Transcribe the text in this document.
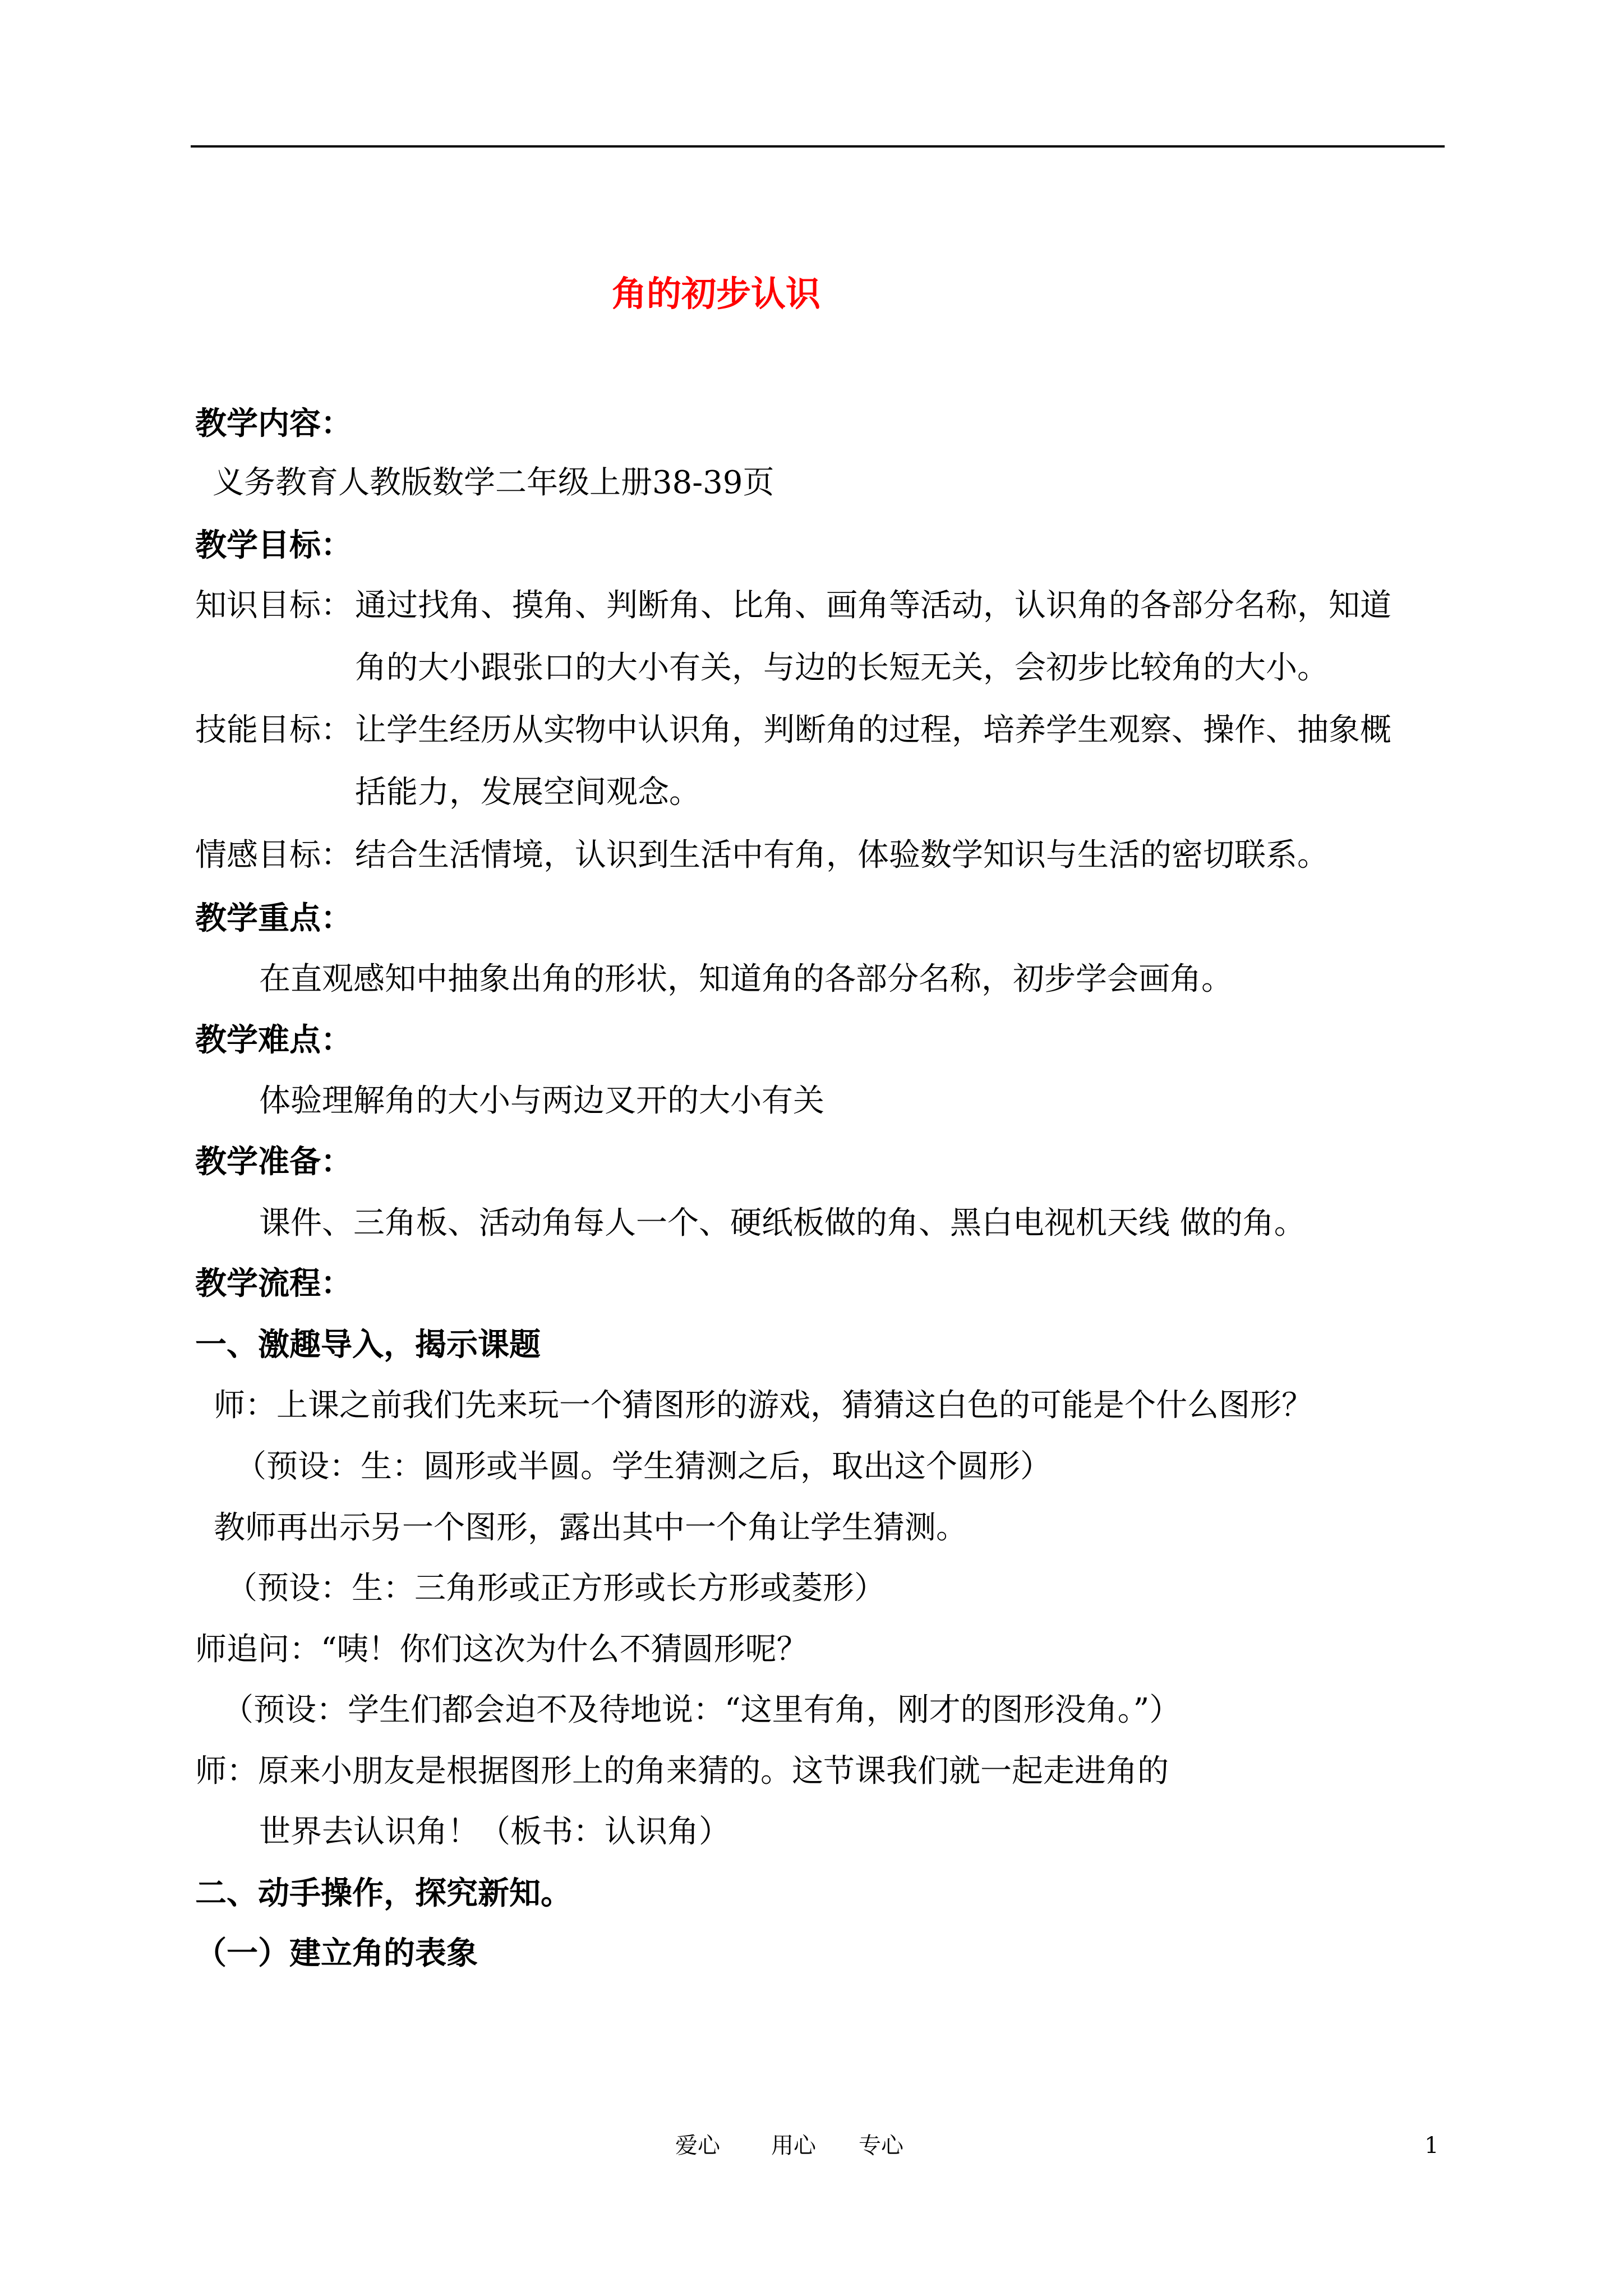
角的初步认识
教学内容：
义务教育人教版数学二年级上册38-39页
教学目标：
知识目标： 通过找角、摸角、判断角、比角、画角等活动，认识角的各部分名称，知道
角的大小跟张口的大小有关，与边的长短无关，会初步比较角的大小。
技能目标： 让学生经历从实物中认识角，判断角的过程，培养学生观察、操作、抽象概
括能力，发展空间观念。
情感目标： 结合生活情境，认识到生活中有角，体验数学知识与生活的密切联系。
教学重点：
在直观感知中抽象出角的形状，知道角的各部分名称，初步学会画角。
教学难点：
体验理解角的大小与两边叉开的大小有关
教学准备：
课件、三角板、活动角每人一个、硬纸板做的角、黑白电视机天线 做的角。
教学流程：
一、激趣导入，揭示课题
师：上课之前我们先来玩一个猜图形的游戏，猜猜这白色的可能是个什么图形？
（预设：生：圆形或半圆。学生猜测之后，取出这个圆形）
教师再出示另一个图形，露出其中一个角让学生猜测。
（预设：生：三角形或正方形或长方形或菱形）
师追问：“咦！你们这次为什么不猜圆形呢？
（预设：学生们都会迫不及待地说：“这里有角，刚才的图形没角。”）
师：原来小朋友是根据图形上的角来猜的。这节课我们就一起走进角的
世界去认识角！（板书：认识角）
二、动手操作，探究新知。
（一）建立角的表象
爱心 用心 专心	1
